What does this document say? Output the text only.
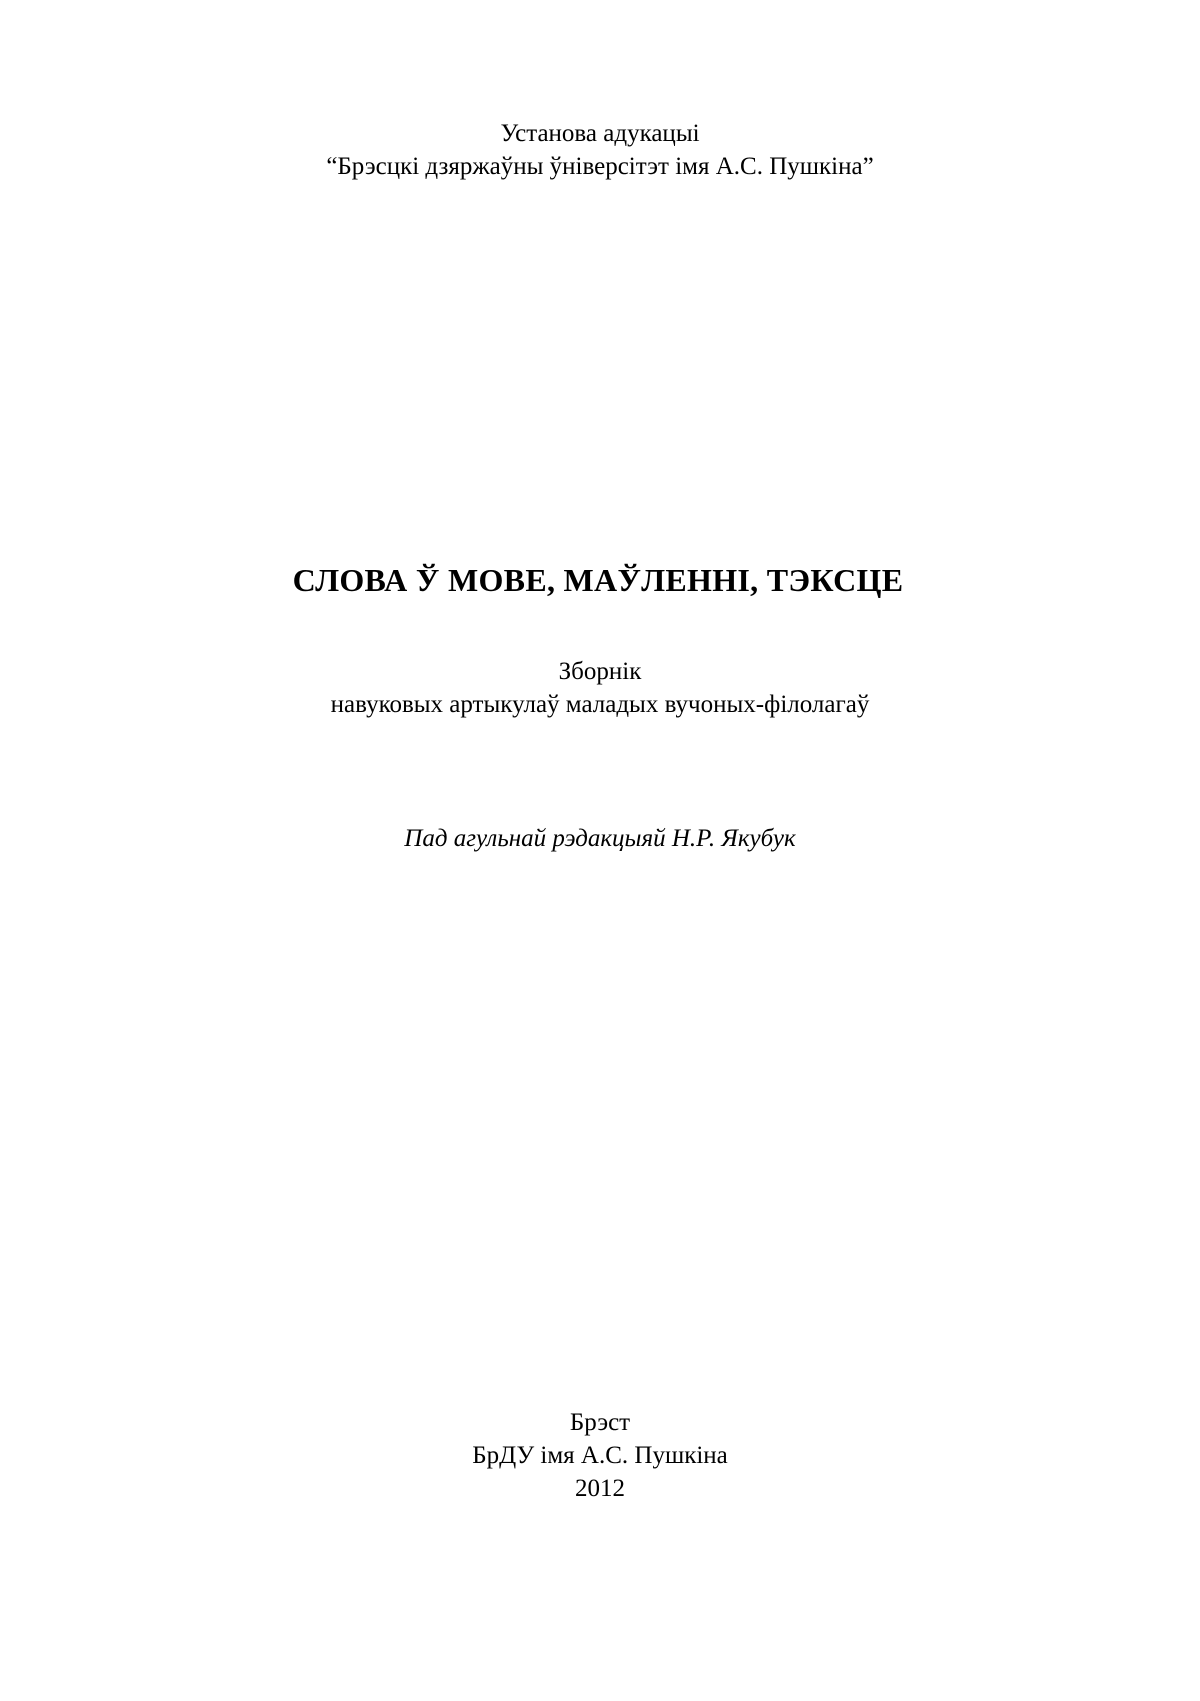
Установа адукацыі
“Брэсцкі дзяржаўны ўніверсітэт імя А.С. Пушкіна”
СЛОВА Ў МОВЕ, МАЎЛЕННІ, ТЭКСЦЕ
Зборнік
навуковых артыкулаў маладых вучоных-філолагаў
Пад агульнай рэдакцыяй Н.Р. Якубук
Брэст
БрДУ імя А.С. Пушкіна
2012
